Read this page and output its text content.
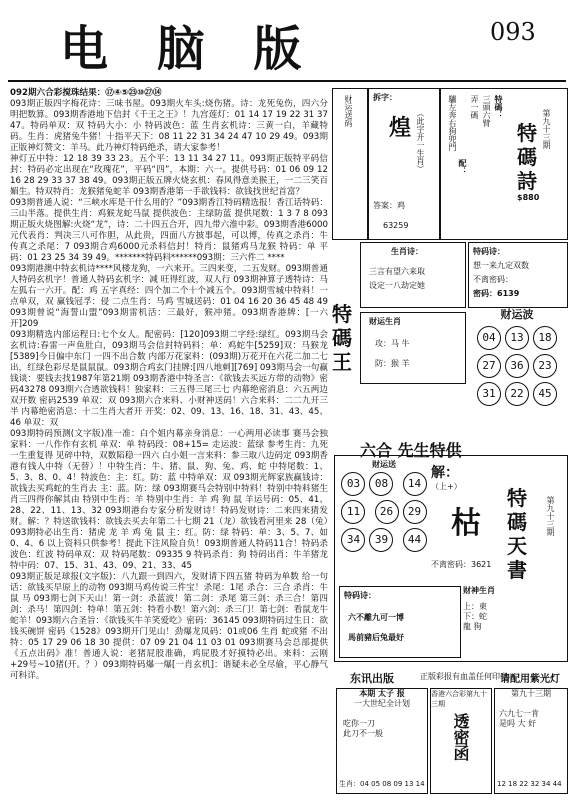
电 脑 版	093

092期六合彩搅珠结果：⑰④⑤㉓⑩㉗⑭

093期正版四字梅花诗：三味书屋。093期火车头:烧伤猪。诗：龙死兔伤，四六分明把数算。093期香港地下信封《千王之王》！九宫莲灯：01 14 17 19 22 31 37 47。特码单双：双 特码大小：小 特码波色：蓝 生肖玄机诗：三黄一白，羊藏特码。生肖：虎猪兔牛猪！十指平天下：08 11 22 31 34 24 47 10 29 49。093期正版神灯赞文：羊马。此乃神灯特码绝杀，请大家参考！

神灯五中特：12 18 39 33 23。五个平：13 11 34 27 11。093期正版特平码信封：特码必定出现在“玫瑰花”，平码“四”，本期：六一。提供号码：01 06 09 12 16 28 29 33 37 38 49。093期正版五牌火烧玄机：春风得意美猴王，一二三笑百媚生。特双特肖：龙猴猪兔蛇羊 093期香港第一手欲钱料：欲钱找世纪首富？

093期普通人说：“三峡水库是干什么用的？”093期香江特码精选报！香江话特码：三山半落。提供生肖：鸡猴龙蛇马鼠 提供波色：主绿防蓝 提供尾数：1 3 7 8 093期正版火烧图解:火烧“龙”，诗：二十四五合开，四九带六淮中彩。093期香港6000元代表肖：判决三八可作胆，从此贵，四面八方披事起，可以博，传真之杀肖：牛 传真之杀尾：7 093期合鸡6000元杀料信封！特肖：鼠猪鸡马龙猴 特码：单 平码：01 23 25 34 39 49。*******特码料******093期：三六件二 ****

093期港澳中特玄机诗****风楼龙狗，一六来开。三四来变，二五发财。093期普通人特码玄机字！普通人特码玄机字：减 旺得红波，双人行 093期神算子透特诗：马左狐右一六开。配：鸡 五字真经：四个加二个十个减五个。093期雪城中特料！一点单双，双 赢钱冠孚：侵 二点生肖：马鸡 雪城送码：01 04 16 20 36 45 48 49 093期曾说“海誓山盟”093期雷机活：三最好，猴冲猪。093期香港牌：[一六开]209

093期精选内部运程日:七个女人。配密码：[120]093期二字经:绿红。093期马会玄机诗:春雷一声鱼肚白，093期马会信封特码料：单：鸡蛇牛[5259]双：马猴龙[5389]今日偏中东门 一四不出合数 内部万花家料：(093期)万花开在六花二加二七出，红绿色彩尽是鼠鼠鼠。093期合鸡玄门挂牌:[四八地刺][769] 093期马会一句赢钱谈：要钱去找1987年第21期 093期香港中特圣言：《欲钱去买远方带的动物》密码43278 093期六合透欲钱料！独家料：三五得三尾三七 内幕绝密消息：六五两边双开数 密码2539 单双：双 093期六合来料、小财神送码！六合来料：二二九开三半 内幕绝密消息：十二生肖大者开 开奖：02、09、13、16、18、31、43、45、46 单双：双

093期特码预测(文字版)准一准：白个姐内幕亲身消息：一心两用必读事 赛马会独家料：一八作作有玄机 单双：单 特码段：08+15= 走运波：蓝绿 参考生肖：九死一生重复得 见碎中特，双数陷稳一四六 白小姐一言来料：参三取八边码定 093期香港有钱人中特（无替）！中特生肖：牛、猪、鼠、狗、兔、鸡、蛇 中特尾数：1、5、3、8、0、4！特波色：主：红。防：蓝 中特单双：双 093期光辉家族赢钱诗：欲钱去买鸡蛇的生肖去 主：蓝。防：绿 093期赛马会特别中特料！特别中特料猪生肖三四得你解其由 特别中生肖：羊 特别中生肖：羊 鸡 狗 鼠 羊运号码：05、41、28、22、11、13、32 093期港台专家分析发财诗！特码发财诗：二来四来猜发财。解：？特送欲钱料：欲钱去买去年第二十七期 21（龙）欲钱看河里来 28（兔）093期特必出生肖：猪虎 龙 羊 鸡 兔 鼠 主：红。防：绿 特码：单：3、5、7、如0、4、6 以上资料只供参考！提此下注风险自负！093期普通人特码11合！特码杀波色：红波 特码单双：双 特码尾数：09335 9 特码杀肖：狗 特码出肖：牛羊猪龙 特中码：07、15、31、43、09、21、33、45

093期正版足球报(文字版)：八九跟一到四六，发财请下四五猪 特码为单数 给一句话：欲钱买早原上的动物 093期马鸡传说三件宝！杀尾：1尾 杀合：三合 杀肖：牛 鼠 马 093期七剑下天山！第一剑：杀蓝波！第二剑：杀尾 第三剑：杀三合！第四剑：杀马！第四剑：特单！第五剑：特看小数！第六剑：杀三门！第七剑：看鼠龙牛蛇羊！093期六合圣旨：《欲钱买牛羊笑爱吃》密码：36145 093期特码过生日：欲钱买碗饼 密码《1528》093期开门见山！劲爆龙凤码：01或06 生肖 蛇或猪 不出特：05 17 29 06 18 30 提供：07 09 21 04 11 03 01 093期赛马会总部提供《五点出码》准！普通人说：老猪屁股准确，鸡屁股才好摸特必出。来料：云刚+29号~10猪(开。？）093期特码爆一爆[一肖玄机]：谐疑未必全尽偷，平心静气可科详。

财运送码	拆字：
煌 （此字开一生肖）
答案：鸡
63259
特
碼
詩
$880
第九十三期
特碼：
三頭六臂
弄一碼
配：
驢左奔右狗兜門
特
碼
王
生肖诗：
三言有望六来取
设定一八劫定她
财运生肖
攻：马 牛
防：猴 羊
特码诗：
想一来九定双数
不离密码：
密码：6139
财运波
04 13 18 27 36 23 31 22 45
六合 先生特供
财运送
03 08 1411 26 29 34 39 44
解：
（上+）
枯
不离密码：3621
特碼天書
第九十三期
特码诗：
六不離九可一博
馬前豬后兔最好
财神生肖
上：東
下：蛇
龍 狗
东讯出版	正版彩报有血盖任何印章
请配用紫光灯
本期 太子 报
一大世纪全计划
吃你一刀
此刀不一般
生肖：04 05 08 09 13 14
香港六合彩第九十三期
透密函
第九十三期
六九七一肯
是吗 大 好
12 18 22 32 34 44
